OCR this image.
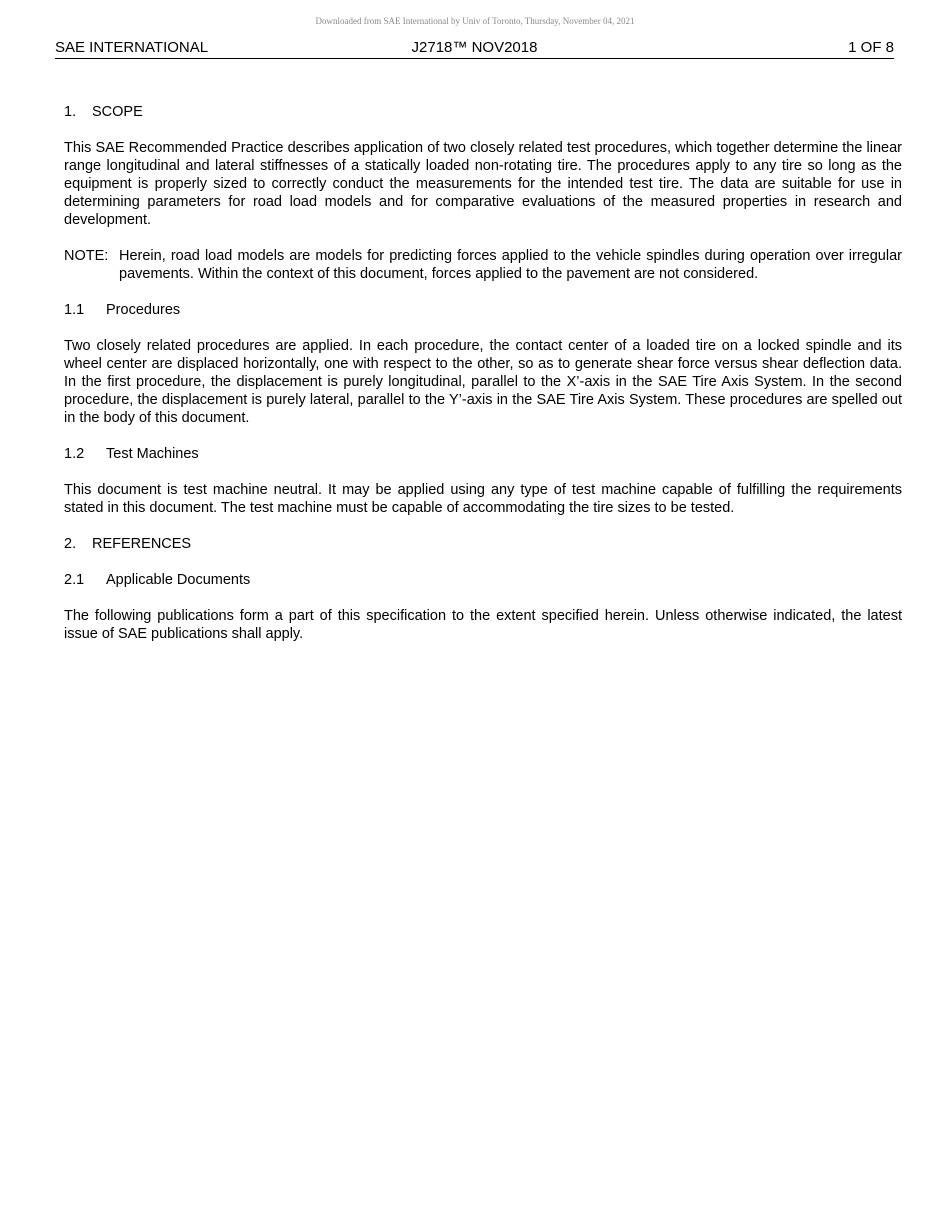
Downloaded from SAE International by Univ of Toronto, Thursday, November 04, 2021
SAE INTERNATIONAL	J2718™ NOV2018	1 OF 8
1. SCOPE

This SAE Recommended Practice describes application of two closely related test procedures, which together determine the linear range longitudinal and lateral stiffnesses of a statically loaded non-rotating tire. The procedures apply to any tire so long as the equipment is properly sized to correctly conduct the measurements for the intended test tire. The data are suitable for use in determining parameters for road load models and for comparative evaluations of the measured properties in research and development.

NOTE: Herein, road load models are models for predicting forces applied to the vehicle spindles during operation over irregular pavements. Within the context of this document, forces applied to the pavement are not considered.
1.1 Procedures

Two closely related procedures are applied. In each procedure, the contact center of a loaded tire on a locked spindle and its wheel center are displaced horizontally, one with respect to the other, so as to generate shear force versus shear deflection data. In the first procedure, the displacement is purely longitudinal, parallel to the X’-axis in the SAE Tire Axis System. In the second procedure, the displacement is purely lateral, parallel to the Y’-axis in the SAE Tire Axis System. These procedures are spelled out in the body of this document.

1.2 Test Machines

This document is test machine neutral. It may be applied using any type of test machine capable of fulfilling the requirements stated in this document. The test machine must be capable of accommodating the tire sizes to be tested.

2. REFERENCES
2.1 Applicable Documents

The following publications form a part of this specification to the extent specified herein. Unless otherwise indicated, the latest issue of SAE publications shall apply.
